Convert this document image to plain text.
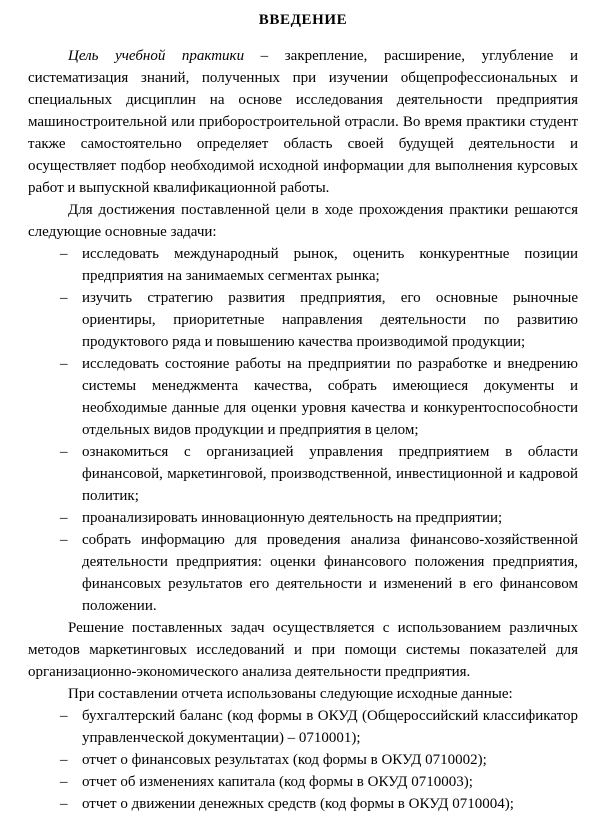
ВВЕДЕНИЕ

Цель учебной практики – закрепление, расширение, углубление и систематизация знаний, полученных при изучении общепрофессиональных и специальных дисциплин на основе исследования деятельности предприятия машиностроительной или приборостроительной отрасли. Во время практики студент также самостоятельно определяет область своей будущей деятельности и осуществляет подбор необходимой исходной информации для выполнения курсовых работ и выпускной квалификационной работы.

Для достижения поставленной цели в ходе прохождения практики решаются следующие основные задачи:

– исследовать международный рынок, оценить конкурентные позиции предприятия на занимаемых сегментах рынка;
– изучить стратегию развития предприятия, его основные рыночные ориентиры, приоритетные направления деятельности по развитию продуктового ряда и повышению качества производимой продукции;
– исследовать состояние работы на предприятии по разработке и внедрению системы менеджмента качества, собрать имеющиеся документы и необходимые данные для оценки уровня качества и конкурентоспособности отдельных видов продукции и предприятия в целом;
– ознакомиться с организацией управления предприятием в области финансовой, маркетинговой, производственной, инвестиционной и кадровой политик;
– проанализировать инновационную деятельность на предприятии;
– собрать информацию для проведения анализа финансово-хозяйственной деятельности предприятия: оценки финансового положения предприятия, финансовых результатов его деятельности и изменений в его финансовом положении.

Решение поставленных задач осуществляется с использованием различных методов маркетинговых исследований и при помощи системы показателей для организационно-экономического анализа деятельности предприятия.

При составлении отчета использованы следующие исходные данные:

– бухгалтерский баланс (код формы в ОКУД (Общероссийский классификатор управленческой документации) – 0710001);
– отчет о финансовых результатах (код формы в ОКУД 0710002);
– отчет об изменениях капитала (код формы в ОКУД 0710003);
– отчет о движении денежных средств (код формы в ОКУД 0710004);
